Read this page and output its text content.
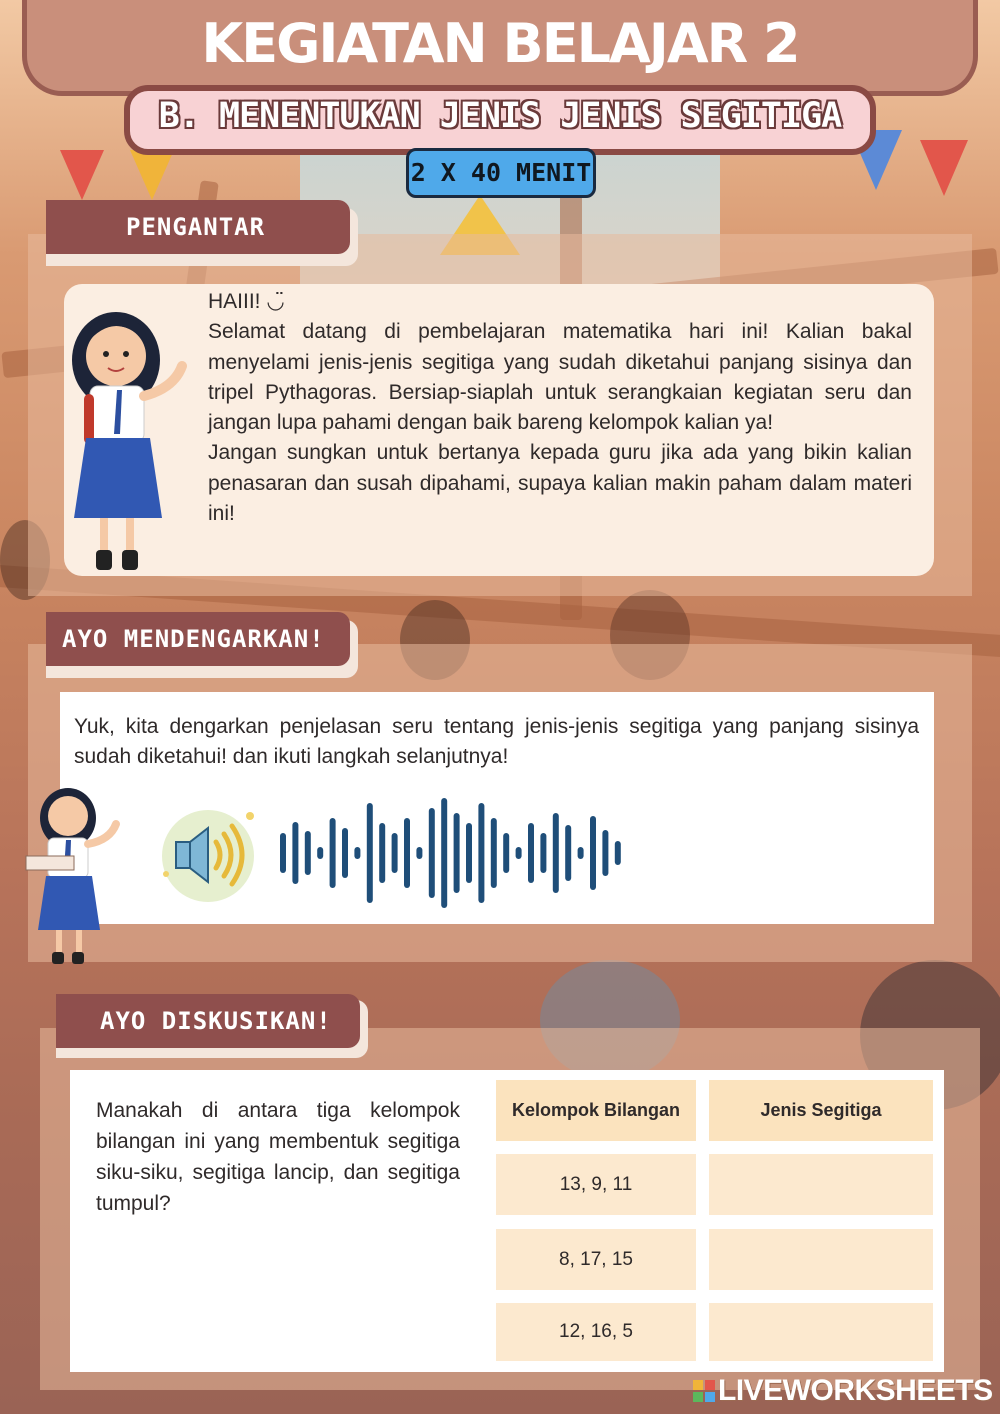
KEGIATAN BELAJAR 2
B. MENENTUKAN JENIS JENIS SEGITIGA
2 X 40 MENIT
PENGANTAR

HAIII! ◡̈

Selamat datang di pembelajaran matematika hari ini! Kalian bakal menyelami jenis-jenis segitiga yang sudah diketahui panjang sisinya dan tripel Pythagoras. Bersiap-siaplah untuk serangkaian kegiatan seru dan jangan lupa pahami dengan baik bareng kelompok kalian ya!

Jangan sungkan untuk bertanya kepada guru jika ada yang bikin kalian penasaran dan susah dipahami, supaya kalian makin paham dalam materi ini!

AYO MENDENGARKAN!
Yuk, kita dengarkan penjelasan seru tentang jenis-jenis segitiga yang panjang sisinya sudah diketahui! dan ikuti langkah selanjutnya!
AYO DISKUSIKAN!
Manakah di antara tiga kelompok bilangan ini yang membentuk segitiga siku-siku, segitiga lancip, dan segitiga tumpul?
Kelompok Bilangan	Jenis Segitiga
13, 9, 11
8, 17, 15
12, 16, 5
LIVEWORKSHEETS
